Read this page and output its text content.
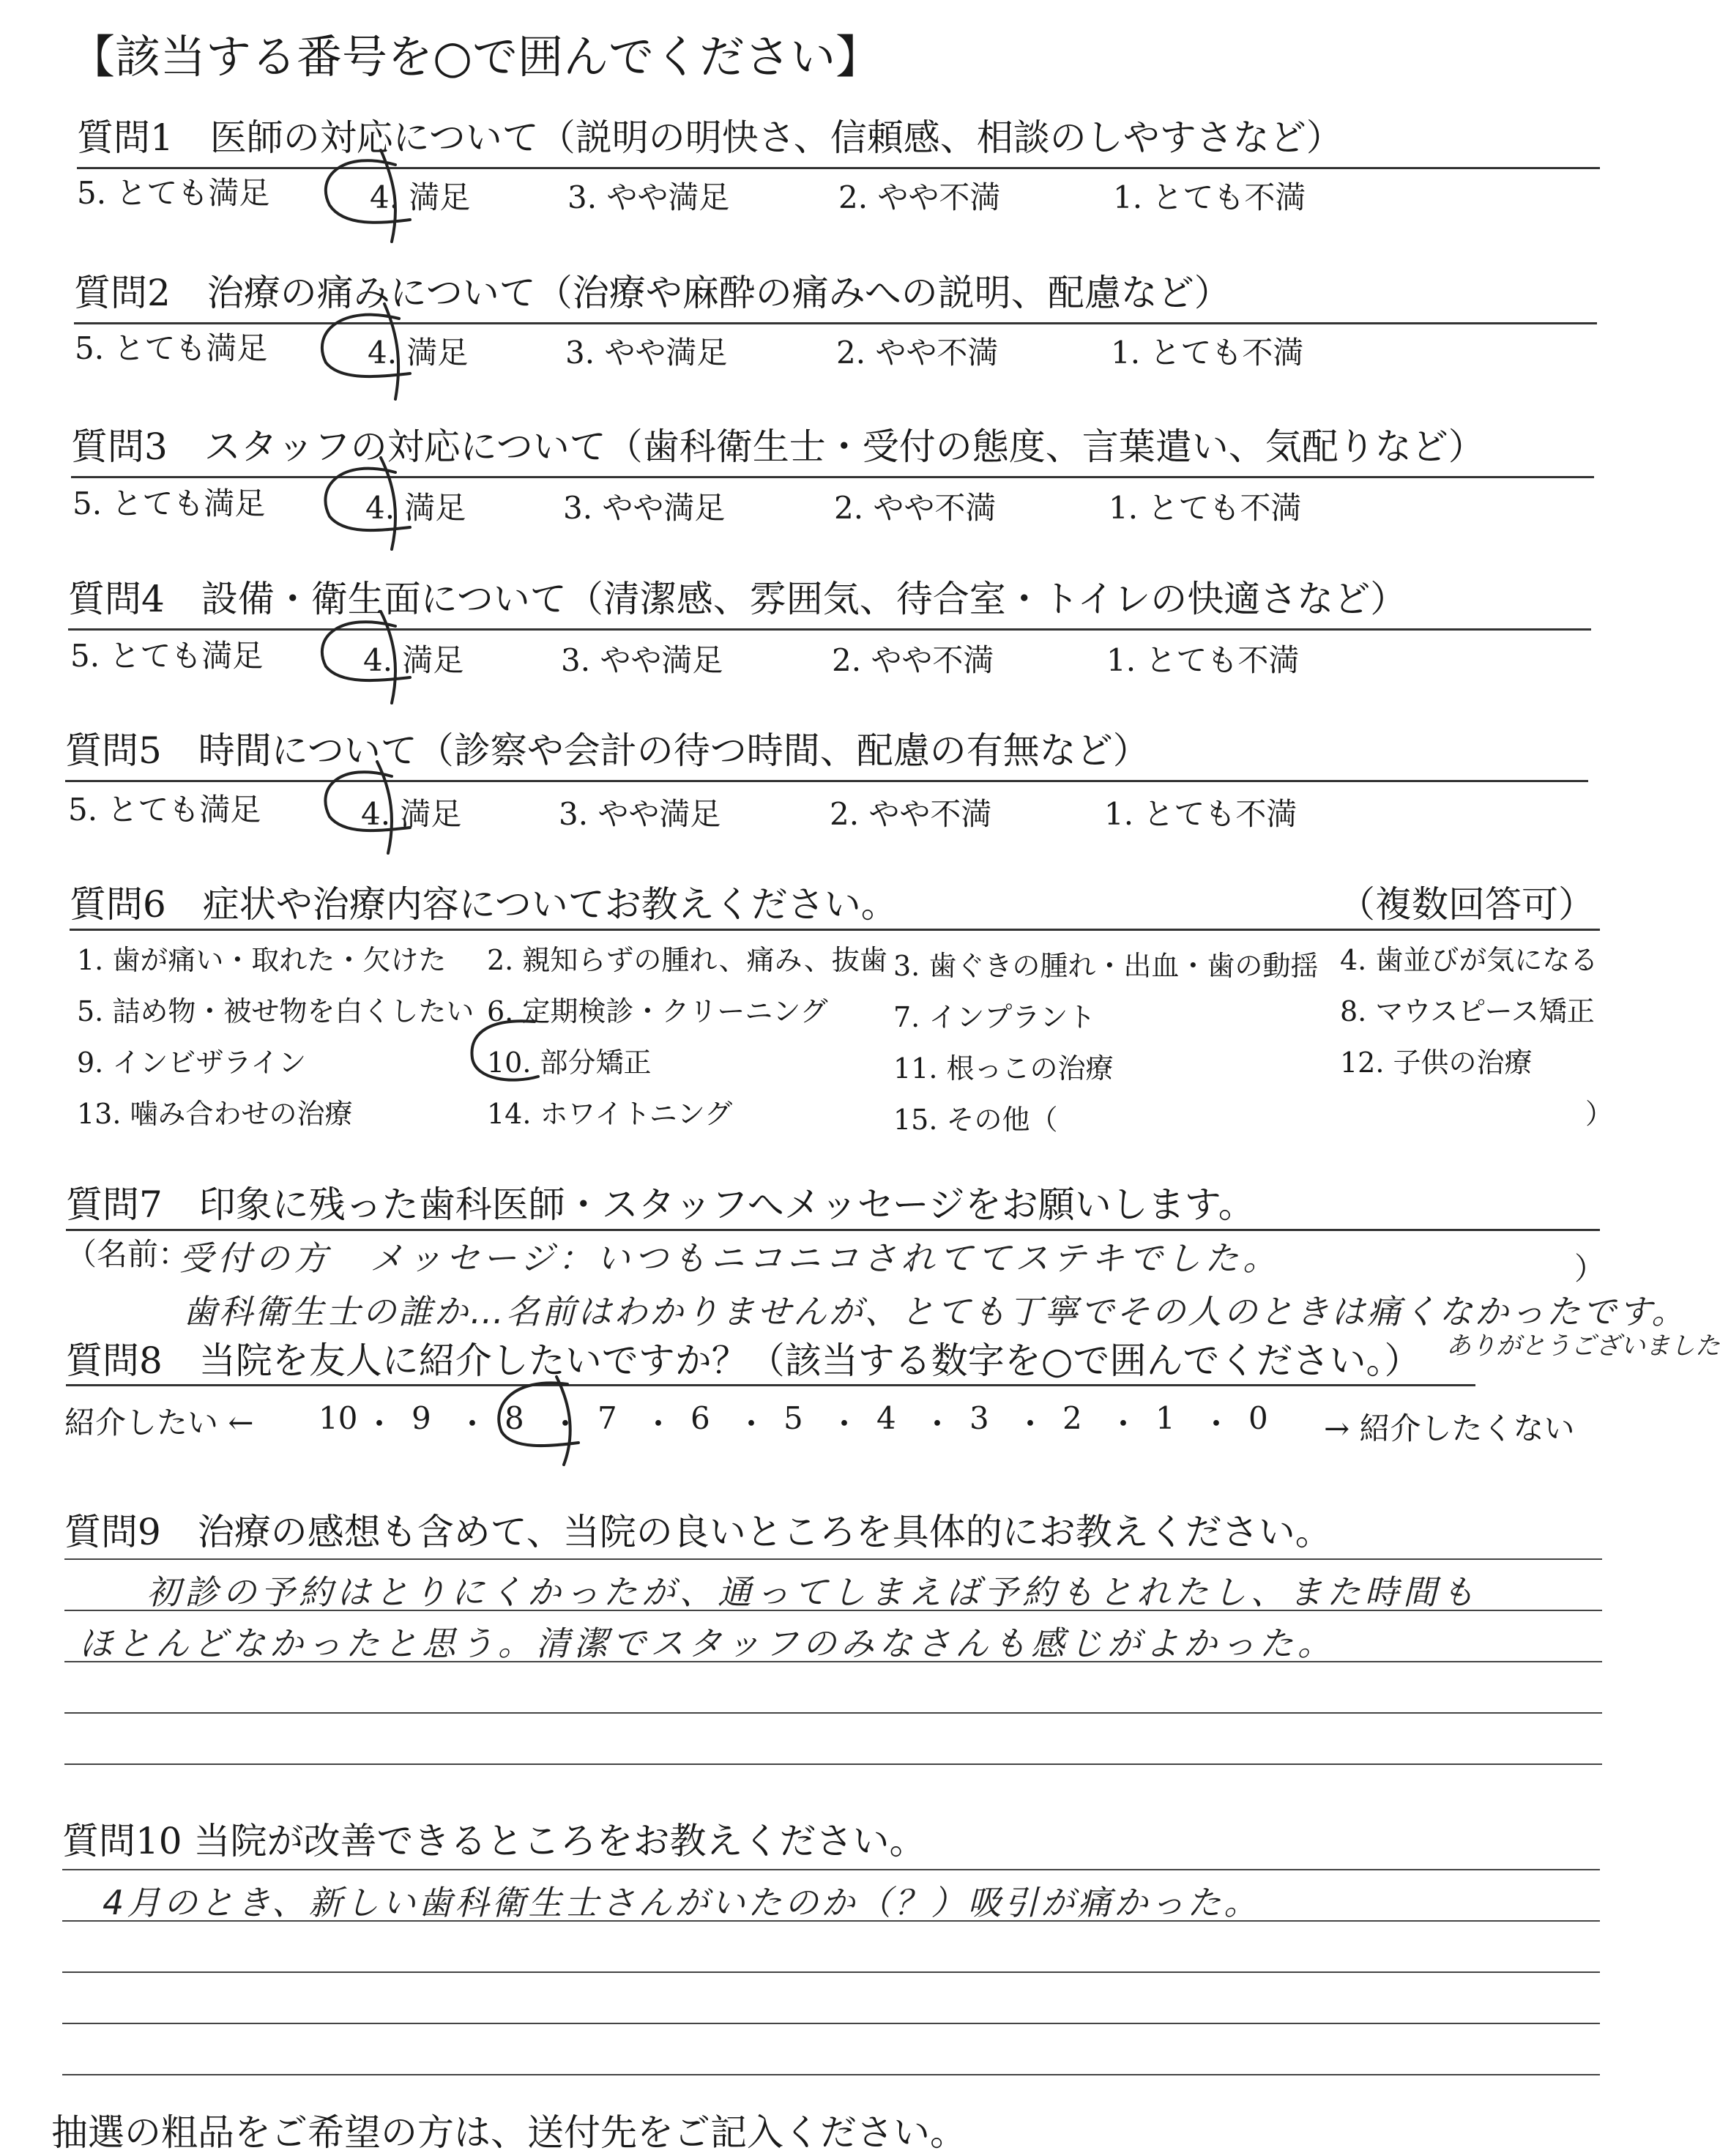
【該当する番号を○で囲んでください】
質問1　医師の対応について（説明の明快さ、信頼感、相談のしやすさなど）
5. とても満足	4. 満足	3. やや満足	2. やや不満	1. とても不満
質問2　治療の痛みについて（治療や麻酔の痛みへの説明、配慮など）
5. とても満足	4. 満足	3. やや満足	2. やや不満	1. とても不満
質問3　スタッフの対応について（歯科衛生士・受付の態度、言葉遣い、気配りなど）
5. とても満足	4. 満足	3. やや満足	2. やや不満	1. とても不満
質問4　設備・衛生面について（清潔感、雰囲気、待合室・トイレの快適さなど）
5. とても満足	4. 満足	3. やや満足	2. やや不満	1. とても不満
質問5　時間について（診察や会計の待つ時間、配慮の有無など）
5. とても満足	4. 満足	3. やや満足	2. やや不満	1. とても不満
質問6　症状や治療内容についてお教えください。	（複数回答可）
1. 歯が痛い・取れた・欠けた 2. 親知らずの腫れ、痛み、抜歯 3. 歯ぐきの腫れ・出血・歯の動揺 4. 歯並びが気になる
5. 詰め物・被せ物を白くしたい 6. 定期検診・クリーニング 7. インプラント	8. マウスピース矯正
9. インビザライン	10. 部分矯正	11. 根っこの治療	12. 子供の治療
13. 噛み合わせの治療	14. ホワイトニング	15. その他（	）
質問7　印象に残った歯科医師・スタッフへメッセージをお願いします。
（名前：	）
受付の方　メッセージ：いつもニコニコされててステキでした。
歯科衛生士の誰か…名前はわかりませんが、とても丁寧でその人のときは痛くなかったです。
ありがとうございました
質問8　当院を友人に紹介したいですか？（該当する数字を○で囲んでください。）
紹介したい ← 10 ・ 9 ・ 8 ・ 7 ・ 6 ・ 5 ・ 4 ・ 3 ・ 2 ・ 1 ・ 0 → 紹介したくない
質問9　治療の感想も含めて、当院の良いところを具体的にお教えください。
初診の予約はとりにくかったが、通ってしまえば予約もとれたし、また時間も
ほとんどなかったと思う。清潔でスタッフのみなさんも感じがよかった。
質問10 当院が改善できるところをお教えください。
4月のとき、新しい歯科衛生士さんがいたのか（？）吸引が痛かった。
抽選の粗品をご希望の方は、送付先をご記入ください。
